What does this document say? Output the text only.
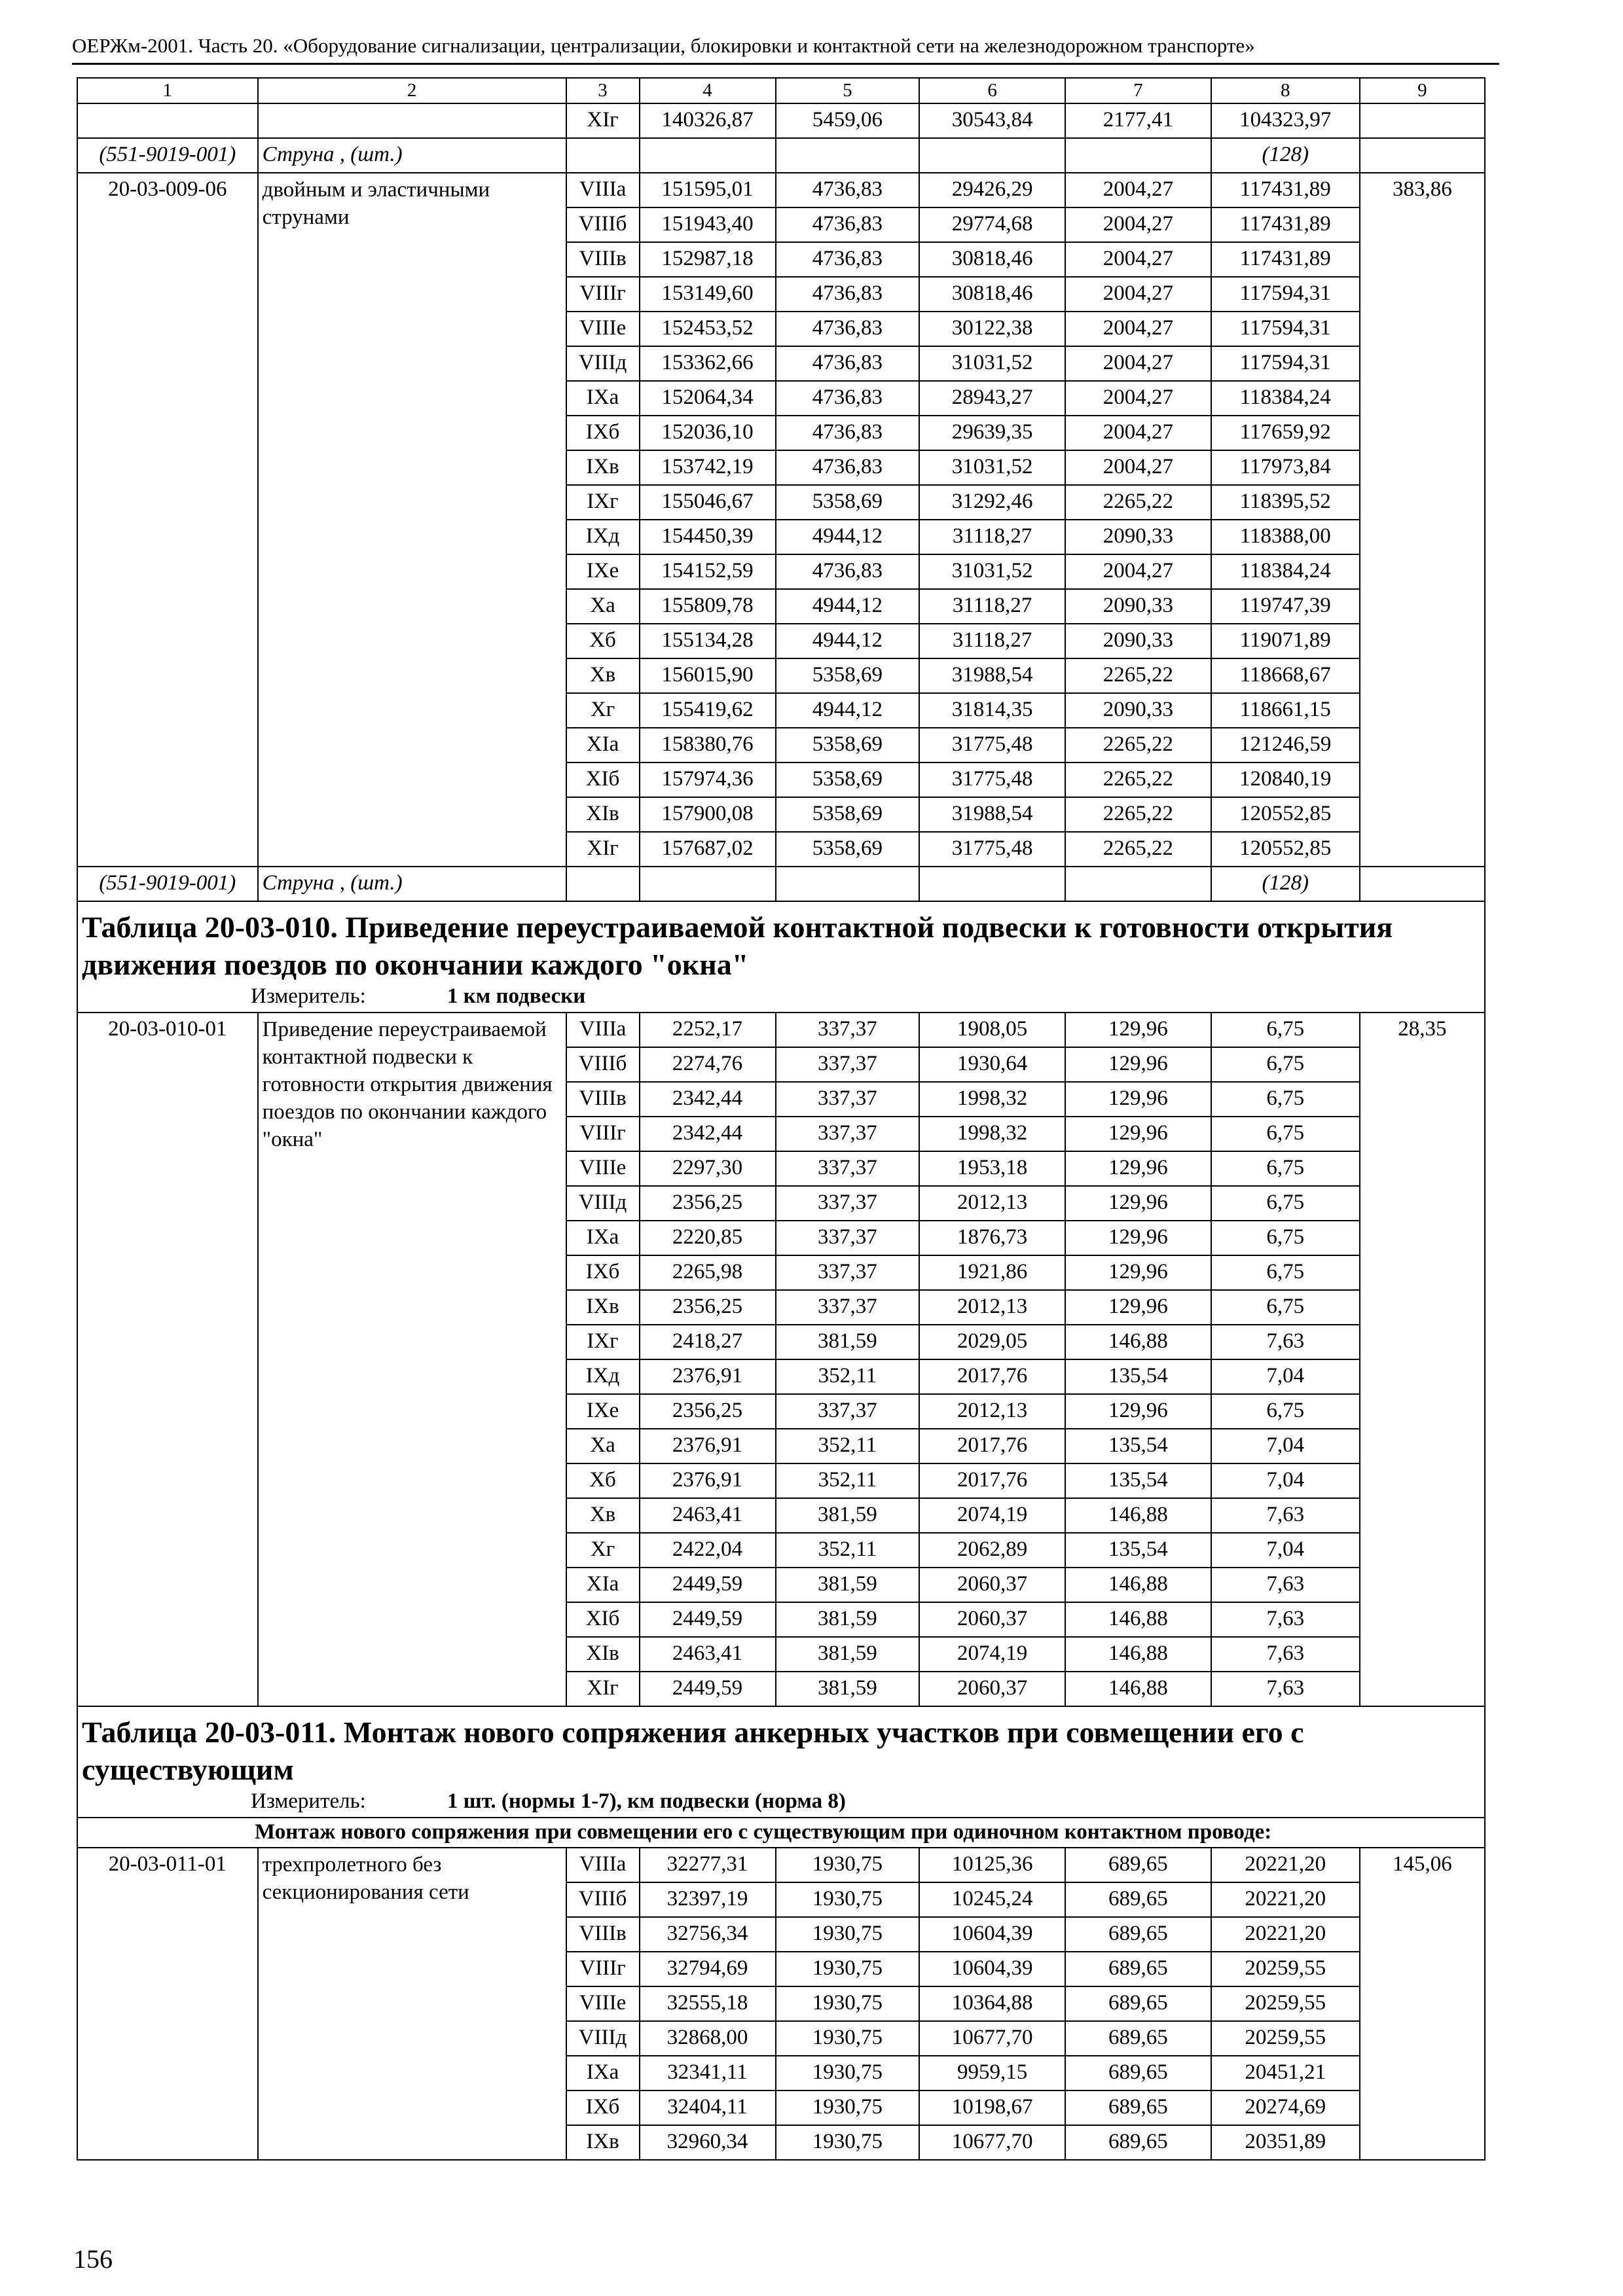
ОЕРЖм-2001. Часть 20. «Оборудование сигнализации, централизации, блокировки и контактной сети на железнодорожном транспорте»
1	2	3	4	5	6	7	8	9
		XIг	140326,87	5459,06	30543,84	2177,41	104323,97	
(551-9019-001)	Струна , (шт.)						(128)	
20-03-009-06	двойным и эластичными струнами	VIIIа	151595,01	4736,83	29426,29	2004,27	117431,89	383,86
		VIIIб	151943,40	4736,83	29774,68	2004,27	117431,89	
		VIIIв	152987,18	4736,83	30818,46	2004,27	117431,89	
		VIIIг	153149,60	4736,83	30818,46	2004,27	117594,31	
		VIIIе	152453,52	4736,83	30122,38	2004,27	117594,31	
		VIIIд	153362,66	4736,83	31031,52	2004,27	117594,31	
		IXа	152064,34	4736,83	28943,27	2004,27	118384,24	
		IXб	152036,10	4736,83	29639,35	2004,27	117659,92	
		IXв	153742,19	4736,83	31031,52	2004,27	117973,84	
		IXг	155046,67	5358,69	31292,46	2265,22	118395,52	
		IXд	154450,39	4944,12	31118,27	2090,33	118388,00	
		IXе	154152,59	4736,83	31031,52	2004,27	118384,24	
		Xа	155809,78	4944,12	31118,27	2090,33	119747,39	
		Xб	155134,28	4944,12	31118,27	2090,33	119071,89	
		Xв	156015,90	5358,69	31988,54	2265,22	118668,67	
		Xг	155419,62	4944,12	31814,35	2090,33	118661,15	
		XIа	158380,76	5358,69	31775,48	2265,22	121246,59	
		XIб	157974,36	5358,69	31775,48	2265,22	120840,19	
		XIв	157900,08	5358,69	31988,54	2265,22	120552,85	
		XIг	157687,02	5358,69	31775,48	2265,22	120552,85	
(551-9019-001)	Струна , (шт.)						(128)	
Таблица 20-03-010. Приведение переустраиваемой контактной подвески к готовности открытия движения поездов по окончании каждого "окна"								
Измеритель: 1 км подвески								
20-03-010-01	Приведение переустраиваемой контактной подвески к готовности открытия движения поездов по окончании каждого "окна"	VIIIа	2252,17	337,37	1908,05	129,96	6,75	28,35
		VIIIб	2274,76	337,37	1930,64	129,96	6,75	
		VIIIв	2342,44	337,37	1998,32	129,96	6,75	
		VIIIг	2342,44	337,37	1998,32	129,96	6,75	
		VIIIе	2297,30	337,37	1953,18	129,96	6,75	
		VIIIд	2356,25	337,37	2012,13	129,96	6,75	
		IXа	2220,85	337,37	1876,73	129,96	6,75	
		IXб	2265,98	337,37	1921,86	129,96	6,75	
		IXв	2356,25	337,37	2012,13	129,96	6,75	
		IXг	2418,27	381,59	2029,05	146,88	7,63	
		IXд	2376,91	352,11	2017,76	135,54	7,04	
		IXе	2356,25	337,37	2012,13	129,96	6,75	
		Xа	2376,91	352,11	2017,76	135,54	7,04	
		Xб	2376,91	352,11	2017,76	135,54	7,04	
		Xв	2463,41	381,59	2074,19	146,88	7,63	
		Xг	2422,04	352,11	2062,89	135,54	7,04	
		XIа	2449,59	381,59	2060,37	146,88	7,63	
		XIб	2449,59	381,59	2060,37	146,88	7,63	
		XIв	2463,41	381,59	2074,19	146,88	7,63	
		XIг	2449,59	381,59	2060,37	146,88	7,63	
Таблица 20-03-011. Монтаж нового сопряжения анкерных участков при совмещении его с существующим								
Измеритель: 1 шт. (нормы 1-7), км подвески (норма 8)								
Монтаж нового сопряжения при совмещении его с существующим при одиночном контактном проводе:								
20-03-011-01	трехпролетного без секционирования сети	VIIIа	32277,31	1930,75	10125,36	689,65	20221,20	145,06
		VIIIб	32397,19	1930,75	10245,24	689,65	20221,20	
		VIIIв	32756,34	1930,75	10604,39	689,65	20221,20	
		VIIIг	32794,69	1930,75	10604,39	689,65	20259,55	
		VIIIе	32555,18	1930,75	10364,88	689,65	20259,55	
		VIIIд	32868,00	1930,75	10677,70	689,65	20259,55	
		IXа	32341,11	1930,75	9959,15	689,65	20451,21	
		IXб	32404,11	1930,75	10198,67	689,65	20274,69	
		IXв	32960,34	1930,75	10677,70	689,65	20351,89	
156
